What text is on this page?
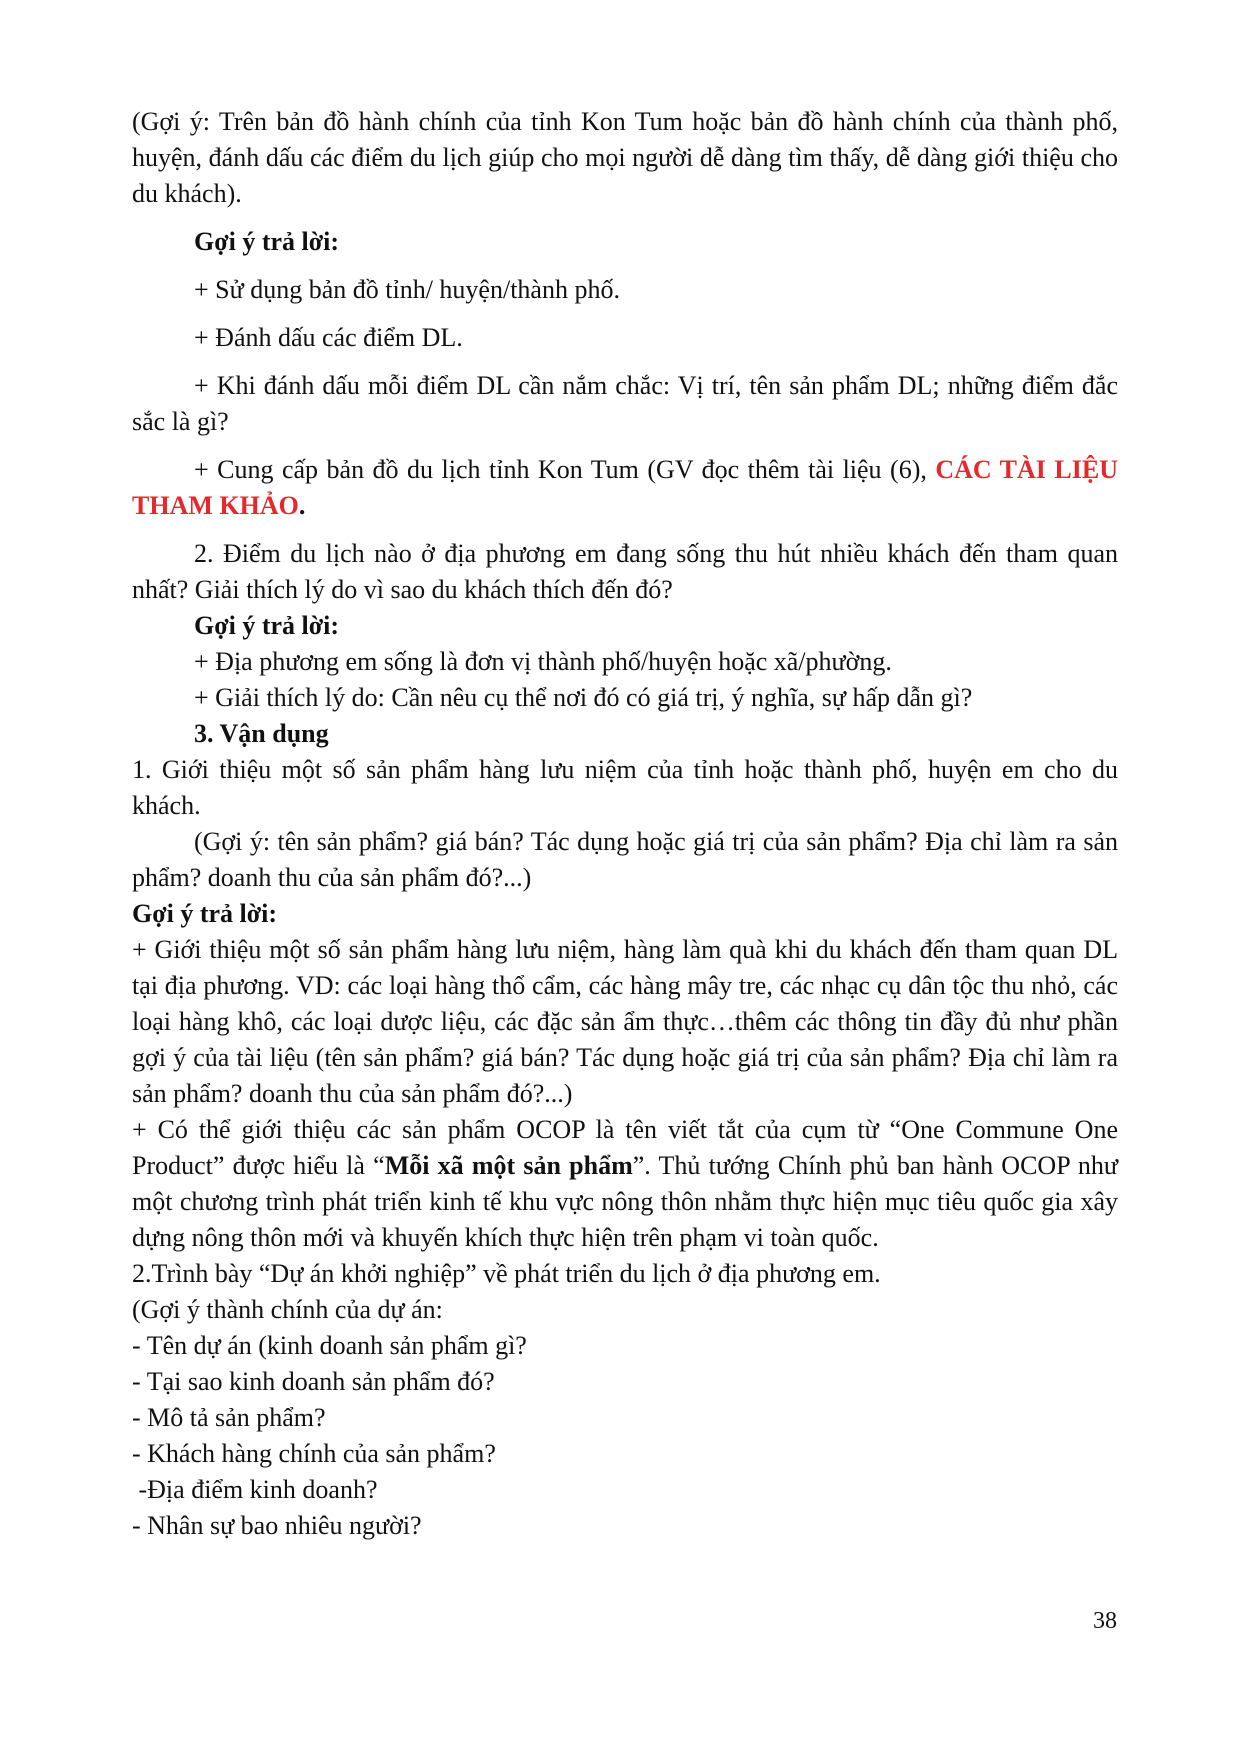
(Gợi ý: Trên bản đồ hành chính của tỉnh Kon Tum hoặc bản đồ hành chính của thành phố, huyện, đánh dấu các điểm du lịch giúp cho mọi người dễ dàng tìm thấy, dễ dàng giới thiệu cho du khách).

Gợi ý trả lời:

+ Sử dụng bản đồ tỉnh/ huyện/thành phố.

+ Đánh dấu các điểm DL.

+ Khi đánh dấu mỗi điểm DL cần nắm chắc: Vị trí, tên sản phẩm DL; những điểm đắc sắc là gì?

+ Cung cấp bản đồ du lịch tỉnh Kon Tum (GV đọc thêm tài liệu (6), CÁC TÀI LIỆU THAM KHẢO.

2. Điểm du lịch nào ở địa phương em đang sống thu hút nhiều khách đến tham quan nhất? Giải thích lý do vì sao du khách thích đến đó?

Gợi ý trả lời:

+ Địa phương em sống là đơn vị thành phố/huyện hoặc xã/phường.

+ Giải thích lý do: Cần nêu cụ thể nơi đó có giá trị, ý nghĩa, sự hấp dẫn gì?

3. Vận dụng

1. Giới thiệu một số sản phẩm hàng lưu niệm của tỉnh hoặc thành phố, huyện em cho du khách.

(Gợi ý: tên sản phẩm? giá bán? Tác dụng hoặc giá trị của sản phẩm? Địa chỉ làm ra sản phẩm? doanh thu của sản phẩm đó?...)

Gợi ý trả lời:

+ Giới thiệu một số sản phẩm hàng lưu niệm, hàng làm quà khi du khách đến tham quan DL tại địa phương. VD: các loại hàng thổ cẩm, các hàng mây tre, các nhạc cụ dân tộc thu nhỏ, các loại hàng khô, các loại dược liệu, các đặc sản ẩm thực…thêm các thông tin đầy đủ như phần gợi ý của tài liệu (tên sản phẩm? giá bán? Tác dụng hoặc giá trị của sản phẩm? Địa chỉ làm ra sản phẩm? doanh thu của sản phẩm đó?...)

+ Có thể giới thiệu các sản phẩm OCOP là tên viết tắt của cụm từ “One Commune One Product” được hiểu là “Mỗi xã một sản phẩm”. Thủ tướng Chính phủ ban hành OCOP như một chương trình phát triển kinh tế khu vực nông thôn nhằm thực hiện mục tiêu quốc gia xây dựng nông thôn mới và khuyến khích thực hiện trên phạm vi toàn quốc.

2.Trình bày “Dự án khởi nghiệp” về phát triển du lịch ở địa phương em.

(Gợi ý thành chính của dự án:

- Tên dự án (kinh doanh sản phẩm gì?

- Tại sao kinh doanh sản phẩm đó?

- Mô tả sản phẩm?

- Khách hàng chính của sản phẩm?

-Địa điểm kinh doanh?

- Nhân sự bao nhiêu người?

38
